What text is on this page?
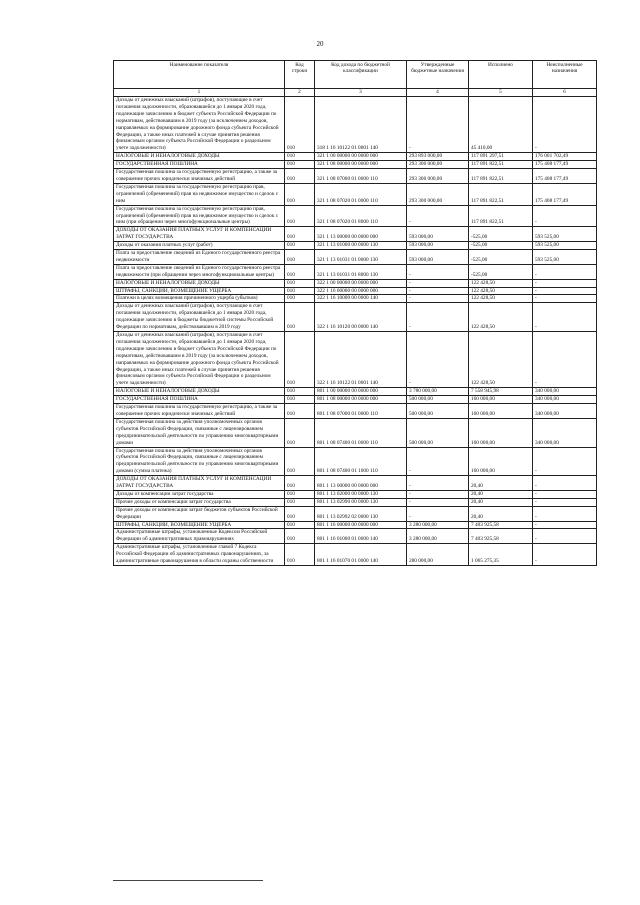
20
Наименование показателя	Код строки	Код дохода по бюджетной классификации	Утвержденные бюджетные назначения	Исполнено	Неисполненные назначения
1	2	3	4	5	6
Доходы от денежных взысканий (штрафов), поступающие в счет погашения задолженности, образовавшейся до 1 января 2020 года, подлежащие зачислению в бюджет субъекта Российской Федерации по нормативам, действовавшим в 2019 году (за исключением доходов, направляемых на формирование дорожного фонда субъекта Российской Федерации, а также иных платежей в случае принятия решения финансовым органом субъекта Российской Федерации о раздельном учете задолженности)	010	318 1 16 10122 01 0001 140	-	45 410,00	-
НАЛОГОВЫЕ И НЕНАЛОГОВЫЕ ДОХОДЫ	010	321 1 00 00000 00 0000 000	293 893 000,00	117 891 297,51	176 001 702,49
ГОСУДАРСТВЕННАЯ ПОШЛИНА	010	321 1 08 00000 00 0000 000	293 300 000,00	117 891 822,51	175 408 177,49
Государственная пошлина за государственную регистрацию, а также за совершение прочих юридически значимых действий	010	321 1 08 07000 01 0000 110	293 300 000,00	117 891 822,51	175 408 177,49
Государственная пошлина за государственную регистрацию прав, ограничений (обременений) прав на недвижимое имущество и сделок с ним	010	321 1 08 07020 01 0000 110	293 300 000,00	117 891 822,51	175 408 177,49
Государственная пошлина за государственную регистрацию прав, ограничений (обременений) прав на недвижимое имущество и сделок с ним (при обращении через многофункциональные центры)	010	321 1 08 07020 01 8000 110	-	117 891 822,51	-
ДОХОДЫ ОТ ОКАЗАНИЯ ПЛАТНЫХ УСЛУГ И КОМПЕНСАЦИИ ЗАТРАТ ГОСУДАРСТВА	010	321 1 13 00000 00 0000 000	593 000,00	-525,00	593 525,00
Доходы от оказания платных услуг (работ)	010	321 1 13 01000 00 0000 130	593 000,00	-525,00	593 525,00
Плата за предоставление сведений из Единого государственного реестра недвижимости	010	321 1 13 01031 01 0000 130	593 000,00	-525,00	593 525,00
Плата за предоставление сведений из Единого государственного реестра недвижимости (при обращении через многофункциональные центры)	010	321 1 13 01031 01 8000 130	-	-525,00	-
НАЛОГОВЫЕ И НЕНАЛОГОВЫЕ ДОХОДЫ	010	322 1 00 00000 00 0000 000	-	122 428,50	-
ШТРАФЫ, САНКЦИИ, ВОЗМЕЩЕНИЕ УЩЕРБА	010	322 1 16 00000 00 0000 000	-	122 428,50	-
Платежи в целях возмещения причиненного ущерба (убытков)	010	322 1 16 10000 00 0000 140	-	122 428,50	-
Доходы от денежных взысканий (штрафов), поступающие в счет погашения задолженности, образовавшейся до 1 января 2020 года, подлежащие зачислению в бюджеты бюджетной системы Российской Федерации по нормативам, действовавшим в 2019 году	010	322 1 16 10120 00 0000 140	-	122 428,50	-
Доходы от денежных взысканий (штрафов), поступающие в счет погашения задолженности, образовавшейся до 1 января 2020 года, подлежащие зачислению в бюджет субъекта Российской Федерации по нормативам, действовавшим в 2019 году (за исключением доходов, направляемых на формирование дорожного фонда субъекта Российской Федерации, а также иных платежей в случае принятия решения финансовым органом субъекта Российской Федерации о раздельном учете задолженности)	010	322 1 16 10122 01 0001 140	-	122 428,50	-
НАЛОГОВЫЕ И НЕНАЛОГОВЫЕ ДОХОДЫ	010	801 1 00 00000 00 0000 000	3 780 000,00	7 558 945,98	340 000,00
ГОСУДАРСТВЕННАЯ ПОШЛИНА	010	801 1 08 00000 00 0000 000	500 000,00	160 000,00	340 000,00
Государственная пошлина за государственную регистрацию, а также за совершение прочих юридически значимых действий	010	801 1 08 07000 01 0000 110	500 000,00	160 000,00	340 000,00
Государственная пошлина за действия уполномоченных органов субъектов Российской Федерации, связанные с лицензированием предпринимательской деятельности по управлению многоквартирными домами	010	801 1 08 07400 01 0000 110	500 000,00	160 000,00	340 000,00
Государственная пошлина за действия уполномоченных органов субъектов Российской Федерации, связанные с лицензированием предпринимательской деятельности по управлению многоквартирными домами (сумма платежа)	010	801 1 08 07400 01 1000 110	-	160 000,00	-
ДОХОДЫ ОТ ОКАЗАНИЯ ПЛАТНЫХ УСЛУГ И КОМПЕНСАЦИИ ЗАТРАТ ГОСУДАРСТВА	010	801 1 13 00000 00 0000 000	-	20,40	-
Доходы от компенсации затрат государства	010	801 1 13 02000 00 0000 130	-	20,40	-
Прочие доходы от компенсации затрат государства	010	801 1 13 02990 00 0000 130	-	20,40	-
Прочие доходы от компенсации затрат бюджетов субъектов Российской Федерации	010	801 1 13 02992 02 0000 130	-	20,40	-
ШТРАФЫ, САНКЦИИ, ВОЗМЕЩЕНИЕ УЩЕРБА	010	801 1 16 00000 00 0000 000	3 280 000,00	7 403 925,58	-
Административные штрафы, установленные Кодексом Российской Федерации об административных правонарушениях	010	801 1 16 01000 01 0000 140	3 280 000,00	7 403 925,58	-
Административные штрафы, установленные главой 7 Кодекса Российской Федерации об административных правонарушениях, за административные правонарушения в области охраны собственности	010	801 1 16 01070 01 0000 140	280 000,00	1 065 275,35	-
